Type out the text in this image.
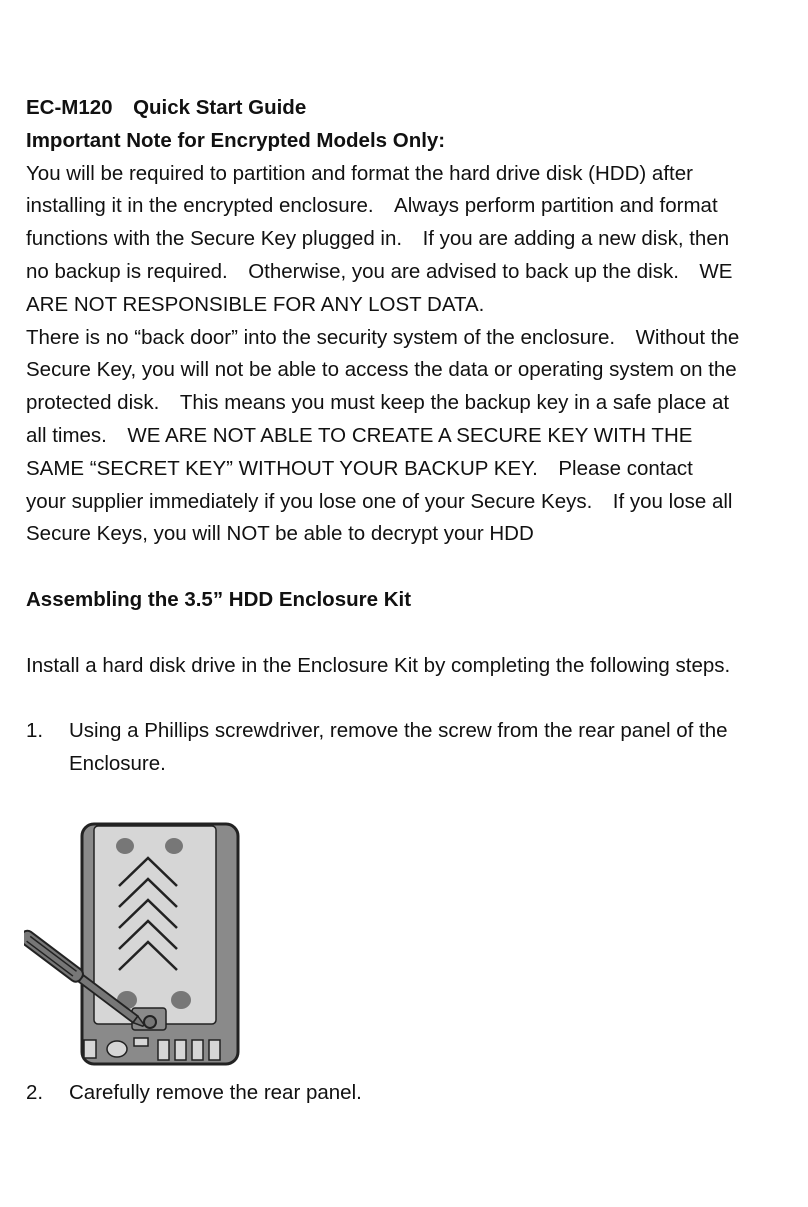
EC-M120 Quick Start Guide
Important Note for Encrypted Models Only:
You will be required to partition and format the hard drive disk (HDD) after
installing it in the encrypted enclosure. Always perform partition and format
functions with the Secure Key plugged in. If you are adding a new disk, then
no backup is required. Otherwise, you are advised to back up the disk. WE
ARE NOT RESPONSIBLE FOR ANY LOST DATA.
There is no “back door” into the security system of the enclosure. Without the
Secure Key, you will not be able to access the data or operating system on the
protected disk. This means you must keep the backup key in a safe place at
all times. WE ARE NOT ABLE TO CREATE A SECURE KEY WITH THE
SAME “SECRET KEY” WITHOUT YOUR BACKUP KEY. Please contact
your supplier immediately if you lose one of your Secure Keys. If you lose all
Secure Keys, you will NOT be able to decrypt your HDD
Assembling the 3.5” HDD Enclosure Kit
Install a hard disk drive in the Enclosure Kit by completing the following steps.
1. Using a Phillips screwdriver, remove the screw from the rear panel of the
Enclosure.
2. Carefully remove the rear panel.
